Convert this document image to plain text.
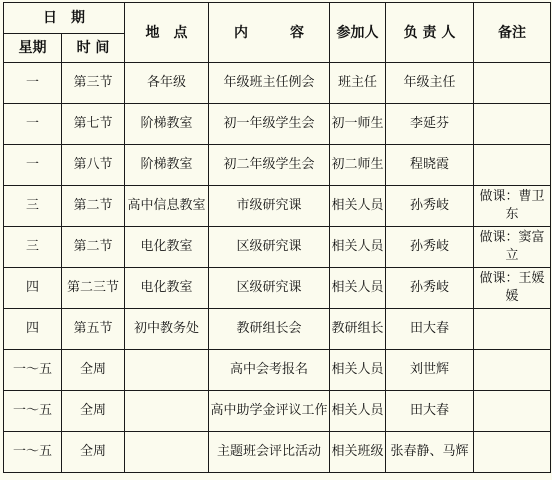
日　期		地　点	内　　　容	参加人	负 责 人	备注
星期	时 间					
一	第三节	各年级	年级班主任例会	班主任	年级主任	
一	第七节	阶梯教室	初一年级学生会	初一师生	李延芬	
一	第八节	阶梯教室	初二年级学生会	初二师生	程晓霞	
三	第二节	高中信息教室	市级研究课	相关人员	孙秀岐	做课：曹卫东
三	第二节	电化教室	区级研究课	相关人员	孙秀岐	做课：窦富立
四	第二三节	电化教室	区级研究课	相关人员	孙秀岐	做课：王媛媛
四	第五节	初中教务处	教研组长会	教研组长	田大春	
一～五	全周		高中会考报名	相关人员	刘世辉	
一～五	全周		高中助学金评议工作	相关人员	田大春	
一～五	全周		主题班会评比活动	相关班级	张春静、马辉	
